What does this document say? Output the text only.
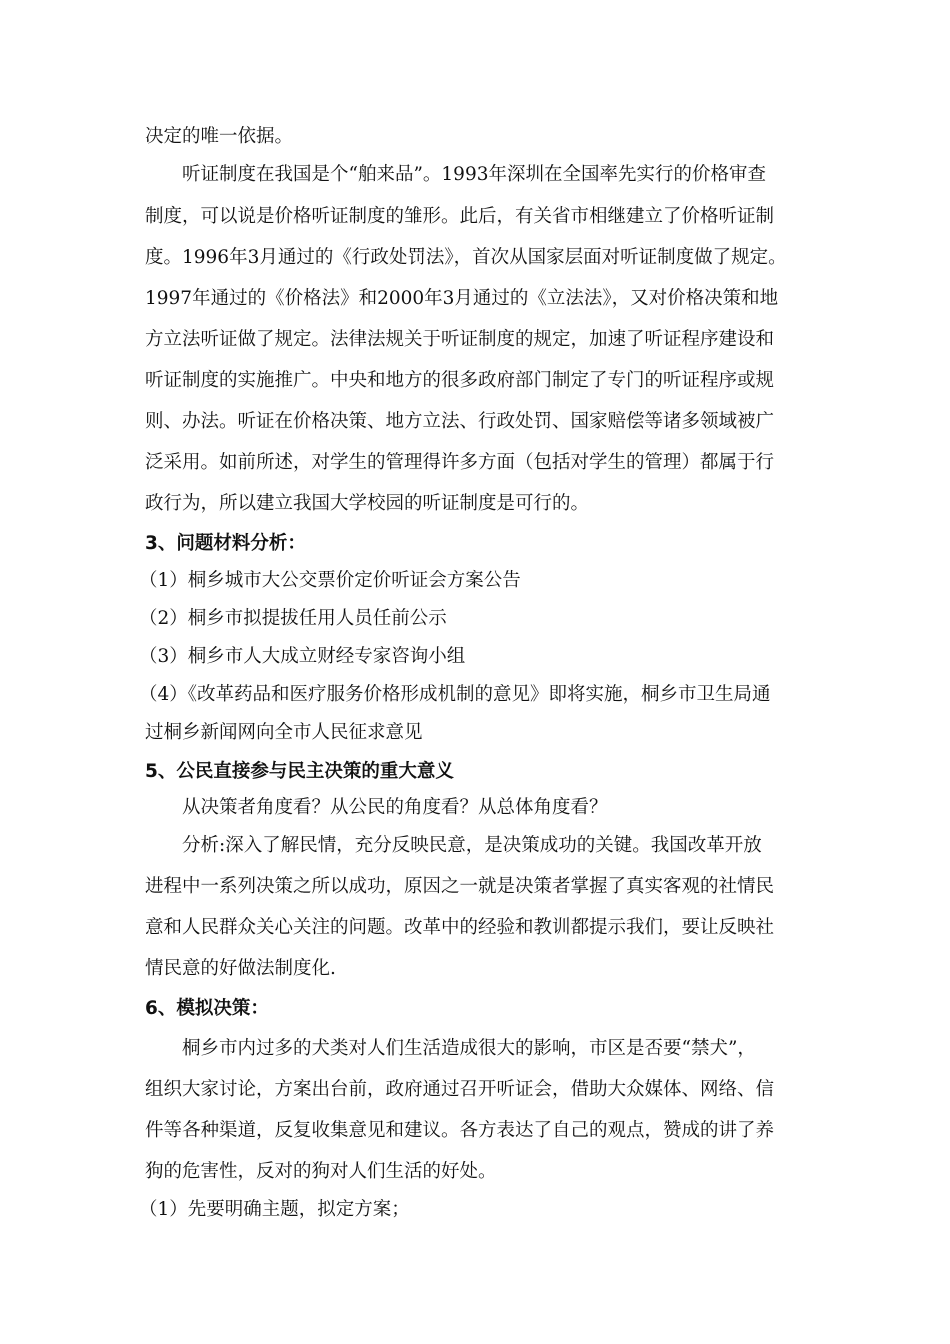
决定的唯一依据。
听证制度在我国是个“舶来品”。1993年深圳在全国率先实行的价格审查
制度，可以说是价格听证制度的雏形。此后，有关省市相继建立了价格听证制
度。1996年3月通过的《行政处罚法》，首次从国家层面对听证制度做了规定。
1997年通过的《价格法》和2000年3月通过的《立法法》，又对价格决策和地
方立法听证做了规定。法律法规关于听证制度的规定，加速了听证程序建设和
听证制度的实施推广。中央和地方的很多政府部门制定了专门的听证程序或规
则、办法。听证在价格决策、地方立法、行政处罚、国家赔偿等诸多领域被广
泛采用。如前所述，对学生的管理得许多方面（包括对学生的管理）都属于行
政行为，所以建立我国大学校园的听证制度是可行的。
3、问题材料分析：
（1）桐乡城市大公交票价定价听证会方案公告
（2）桐乡市拟提拔任用人员任前公示
（3）桐乡市人大成立财经专家咨询小组
（4）《改革药品和医疗服务价格形成机制的意见》即将实施，桐乡市卫生局通
过桐乡新闻网向全市人民征求意见
5、公民直接参与民主决策的重大意义
从决策者角度看？从公民的角度看？从总体角度看？
分析:深入了解民情，充分反映民意，是决策成功的关键。我国改革开放
进程中一系列决策之所以成功，原因之一就是决策者掌握了真实客观的社情民
意和人民群众关心关注的问题。改革中的经验和教训都提示我们，要让反映社
情民意的好做法制度化.
6、模拟决策：
桐乡市内过多的犬类对人们生活造成很大的影响，市区是否要“禁犬”，
组织大家讨论，方案出台前，政府通过召开听证会，借助大众媒体、网络、信
件等各种渠道，反复收集意见和建议。各方表达了自己的观点，赞成的讲了养
狗的危害性，反对的狗对人们生活的好处。
（1）先要明确主题，拟定方案；
